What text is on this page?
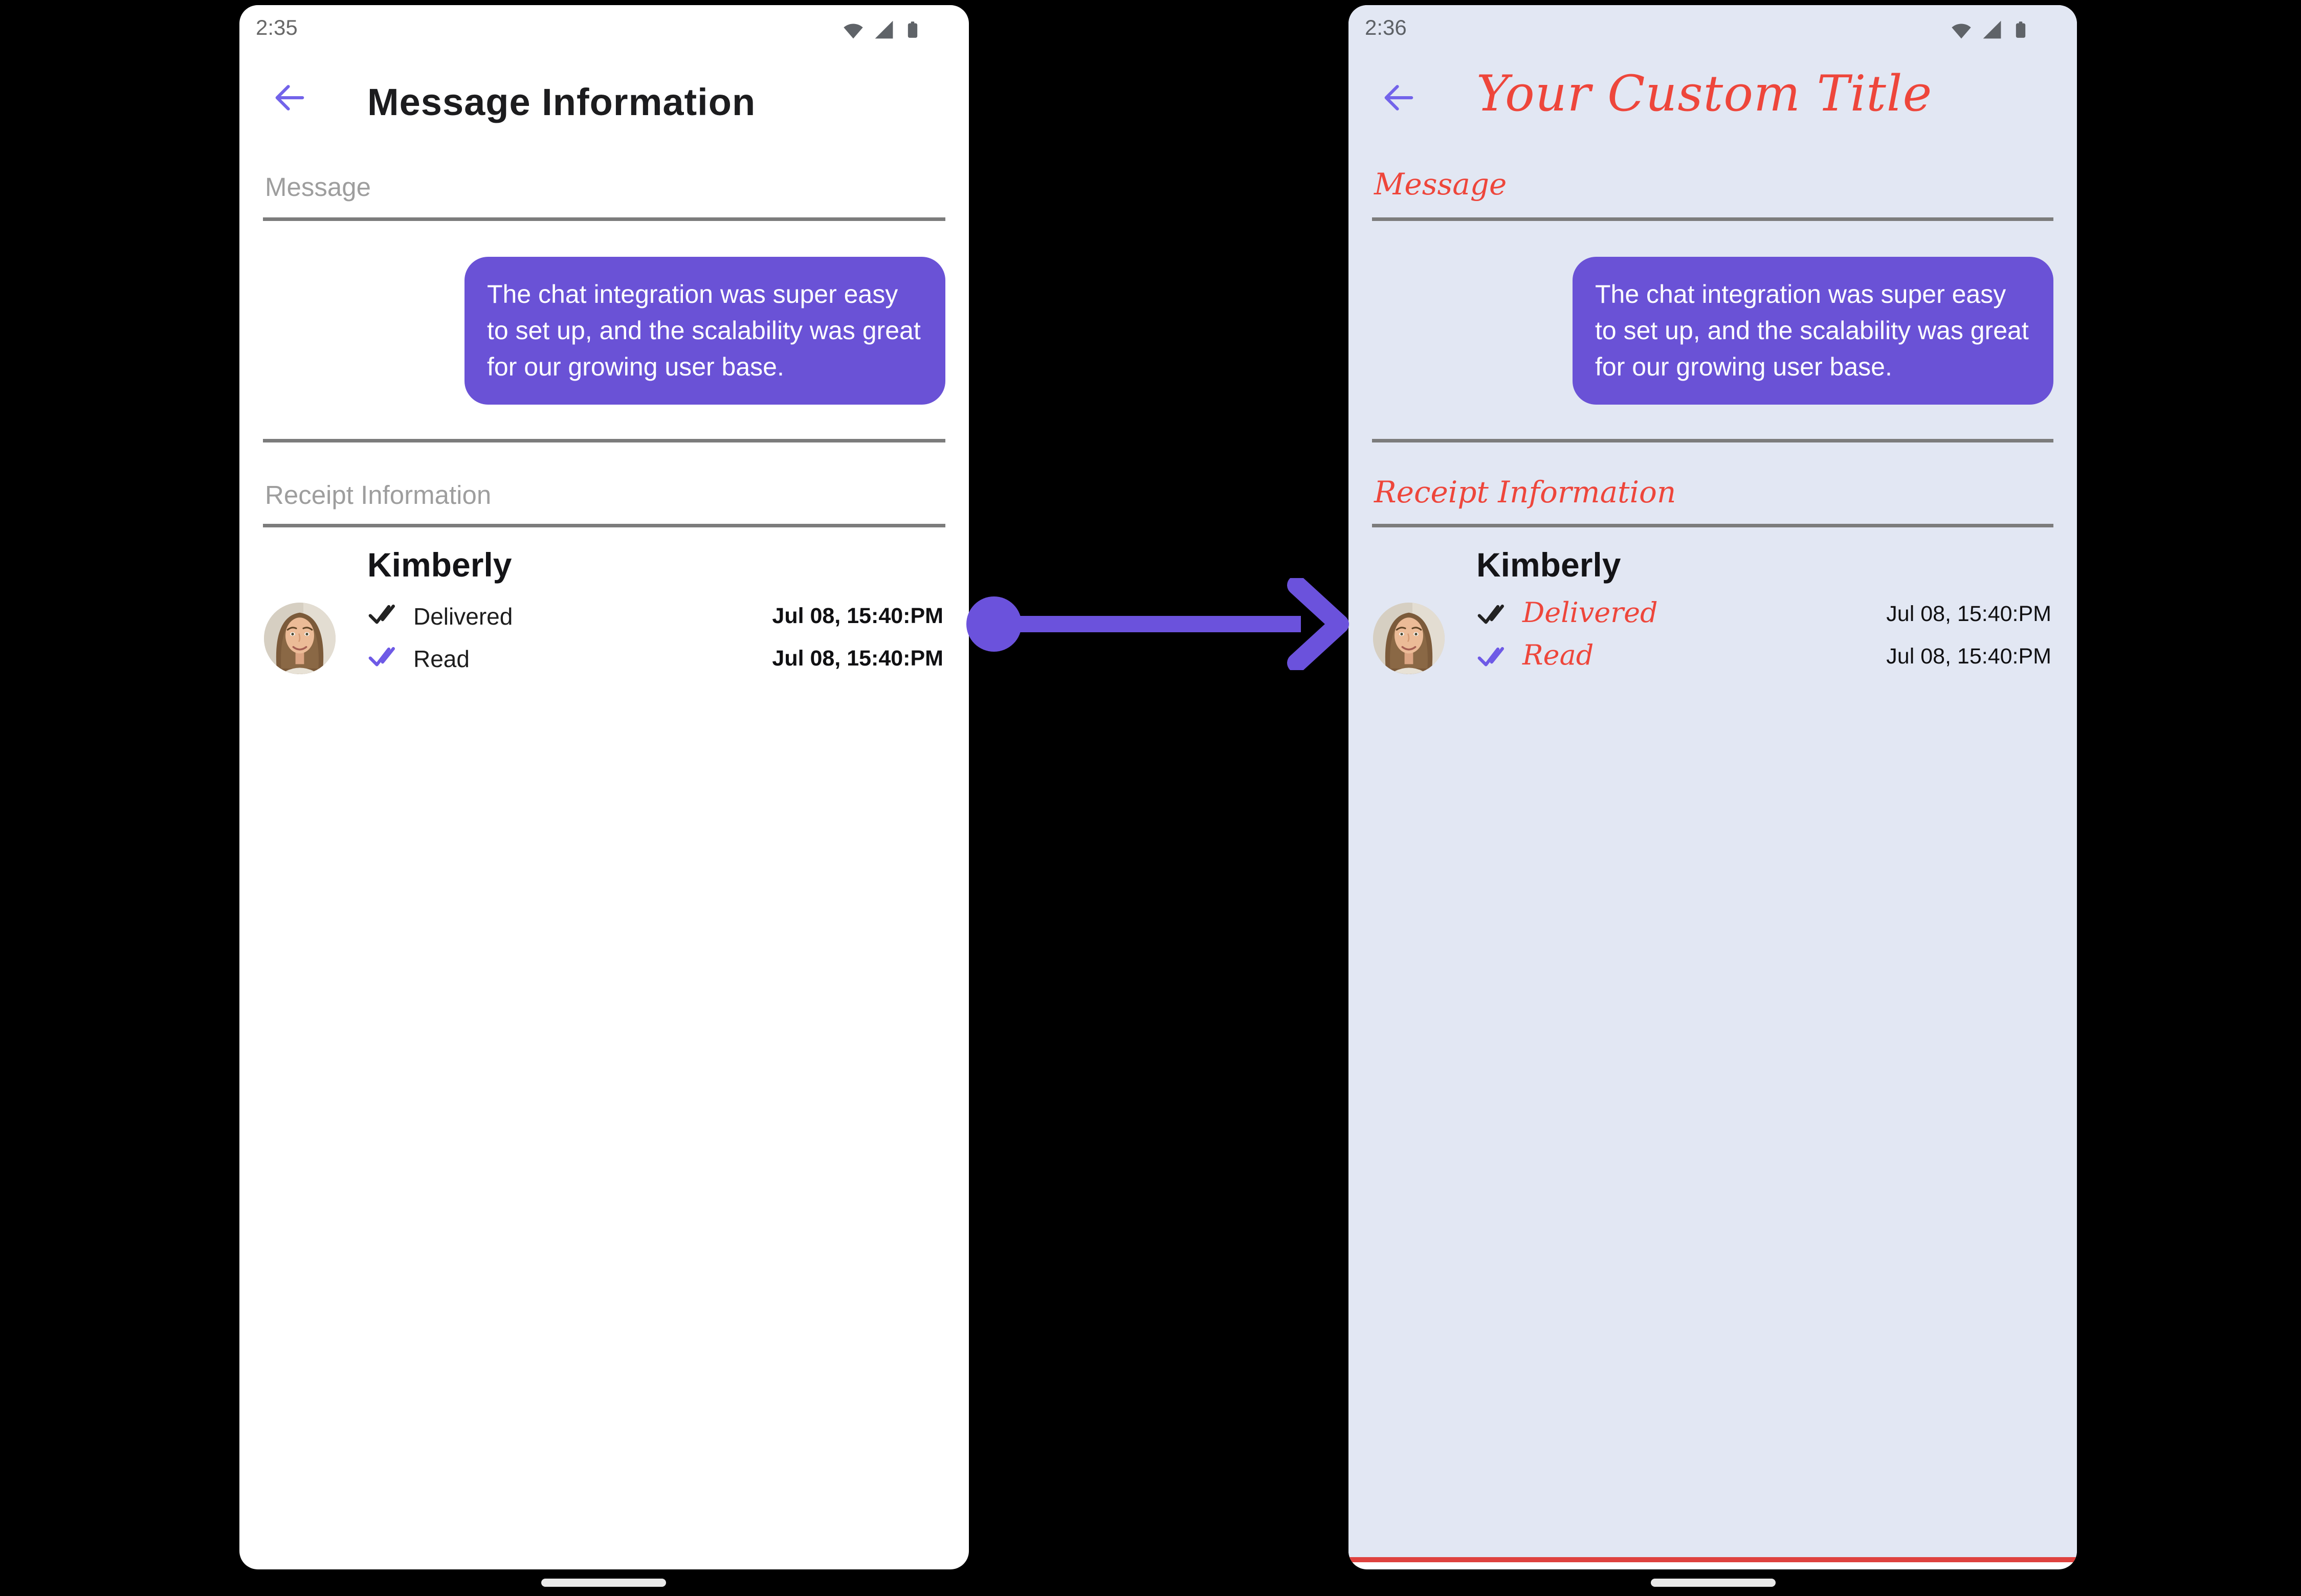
2:35
Message Information
Message
The chat integration was super easy to set up, and the scalability was great for our growing user base.
Receipt Information
Kimberly
Delivered	Jul 08, 15:40:PM
Read	Jul 08, 15:40:PM
2:36
Your Custom Title
Message
The chat integration was super easy to set up, and the scalability was great for our growing user base.
Receipt Information
Kimberly
Delivered	Jul 08, 15:40:PM
Read	Jul 08, 15:40:PM
